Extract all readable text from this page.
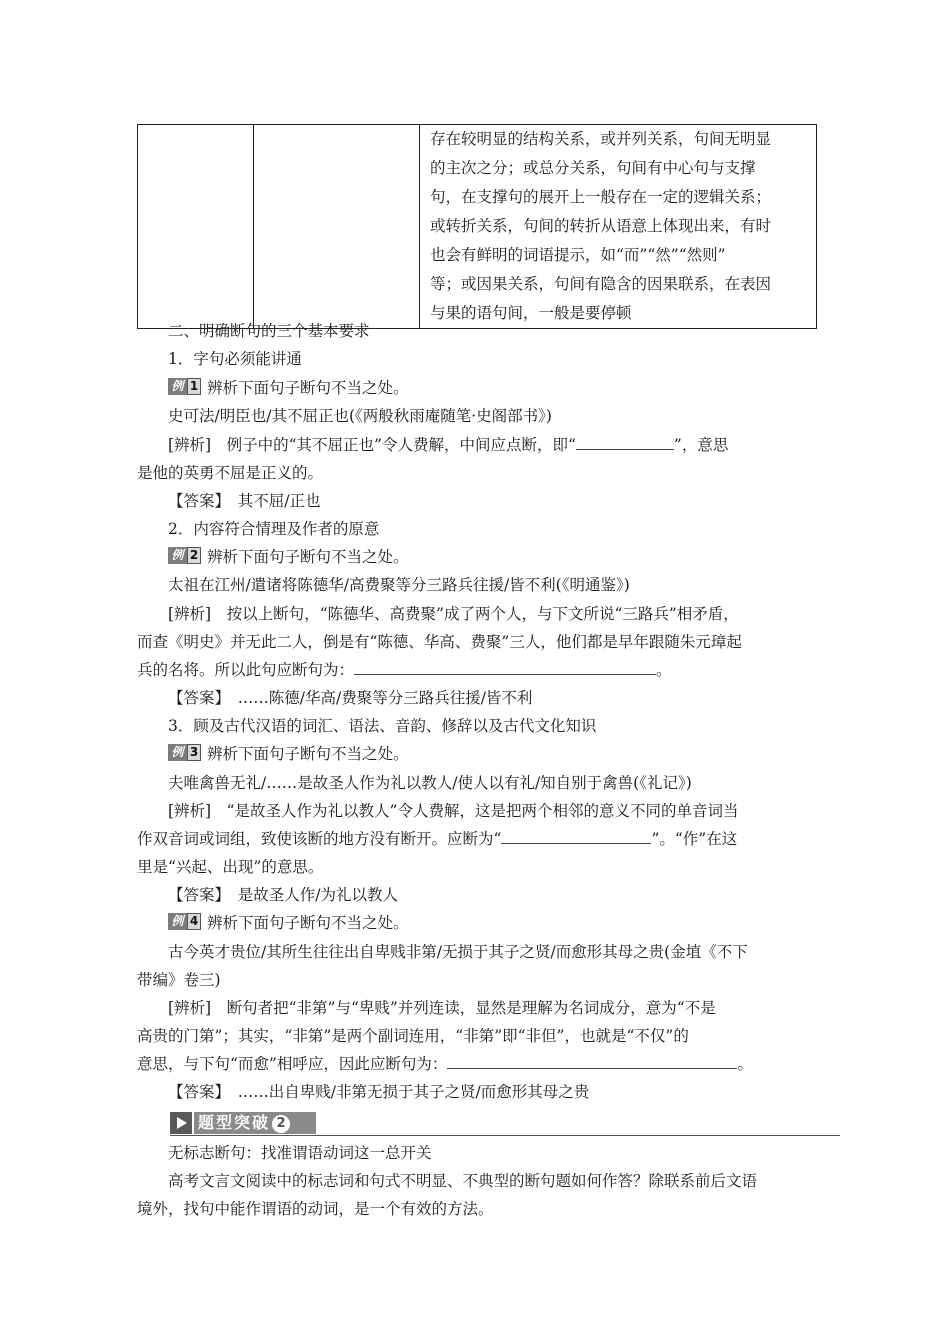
存在较明显的结构关系，或并列关系，句间无明显
的主次之分；或总分关系，句间有中心句与支撑
句，在支撑句的展开上一般存在一定的逻辑关系；
或转折关系，句间的转折从语意上体现出来，有时
也会有鲜明的词语提示，如“而”“然”“然则”
等；或因果关系，句间有隐含的因果联系，在表因
与果的语句间，一般是要停顿
二、明确断句的三个基本要求
1．字句必须能讲通
例 1 辨析下面句子断句不当之处。
史可法/明臣也/其不屈正也(《两般秋雨庵随笔·史阁部书》)
[辨析]　例子中的“其不屈正也”令人费解，中间应点断，即“	”，意思
是他的英勇不屈是正义的。
【答案】　其不屈/正也
2．内容符合情理及作者的原意
例 2 辨析下面句子断句不当之处。
太祖在江州/遣诸将陈德华/高费聚等分三路兵往援/皆不利(《明通鉴》)
[辨析]　按以上断句，“陈德华、高费聚”成了两个人，与下文所说“三路兵”相矛盾，
而查《明史》并无此二人，倒是有“陈德、华高、费聚”三人，他们都是早年跟随朱元璋起
兵的名将。所以此句应断句为：	。
【答案】　……陈德/华高/费聚等分三路兵往援/皆不利
3．顾及古代汉语的词汇、语法、音韵、修辞以及古代文化知识
例 3 辨析下面句子断句不当之处。
夫唯禽兽无礼/……是故圣人作为礼以教人/使人以有礼/知自别于禽兽(《礼记》)
[辨析]　“是故圣人作为礼以教人”令人费解，这是把两个相邻的意义不同的单音词当
作双音词或词组，致使该断的地方没有断开。应断为“	”。“作”在这
里是“兴起、出现”的意思。
【答案】　是故圣人作/为礼以教人
例 4 辨析下面句子断句不当之处。
古今英才贵位/其所生往往出自卑贱非第/无损于其子之贤/而愈形其母之贵(金埴《不下
带编》卷三)
[辨析]　断句者把“非第”与“卑贱”并列连读，显然是理解为名词成分，意为“不是
高贵的门第”；其实，“非第”是两个副词连用，“非第”即“非但”，也就是“不仅”的
意思，与下句“而愈”相呼应，因此应断句为：	。
【答案】　……出自卑贱/非第无损于其子之贤/而愈形其母之贵
题型突破 2
无标志断句：找准谓语动词这一总开关
高考文言文阅读中的标志词和句式不明显、不典型的断句题如何作答？除联系前后文语
境外，找句中能作谓语的动词，是一个有效的方法。
